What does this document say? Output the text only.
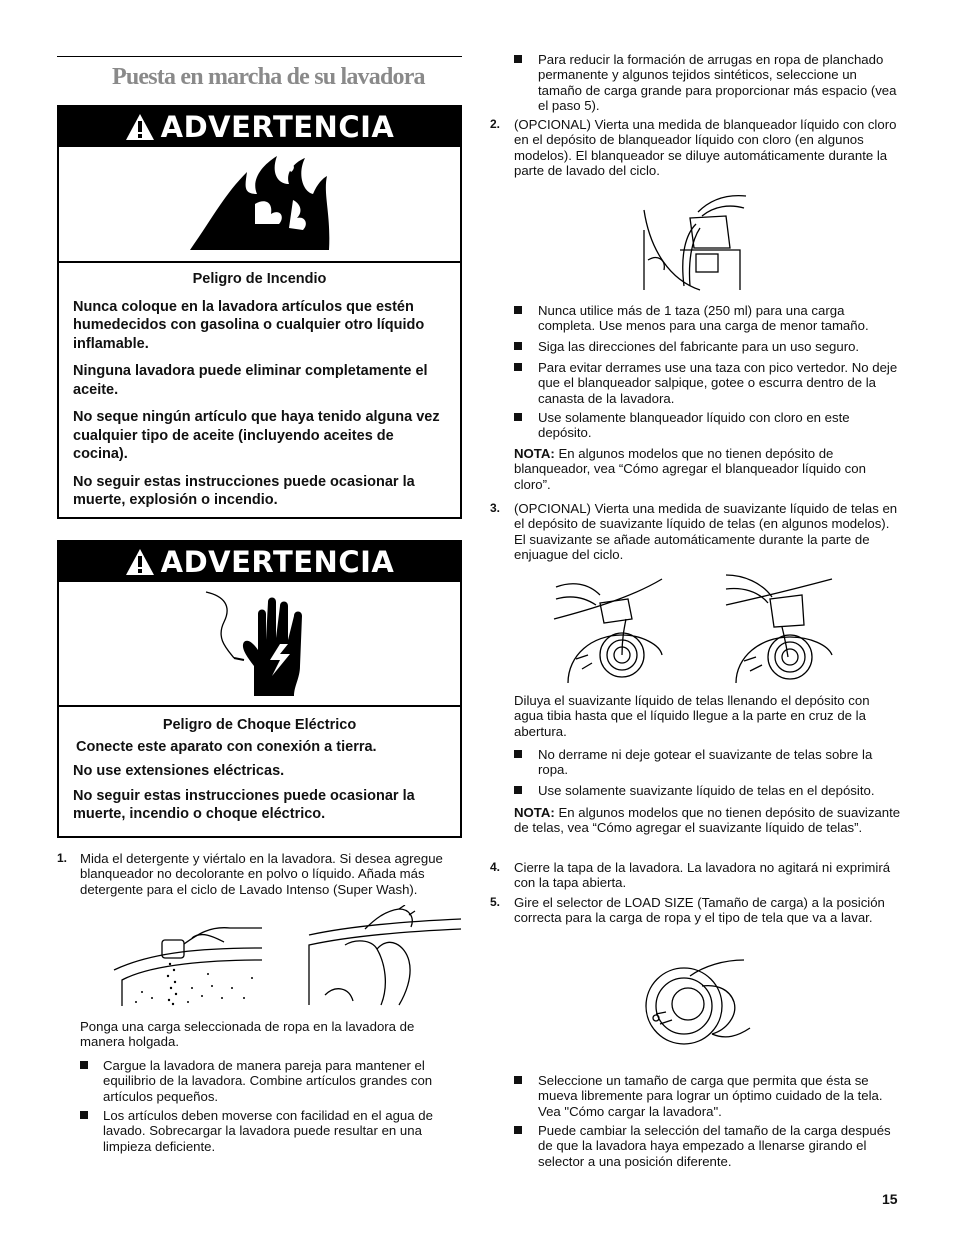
Puesta en marcha de su lavadora
ADVERTENCIA
Peligro de Incendio

Nunca coloque en la lavadora artículos que estén humedecidos con gasolina o cualquier otro líquido inflamable.

Ninguna lavadora puede eliminar completamente el aceite.

No seque ningún artículo que haya tenido alguna vez cualquier tipo de aceite (incluyendo aceites de cocina).

No seguir estas instrucciones puede ocasionar la muerte, explosión o incendio.

ADVERTENCIA
Peligro de Choque Eléctrico

Conecte este aparato con conexión a tierra.

No use extensiones eléctricas.

No seguir estas instrucciones puede ocasionar la muerte, incendio o choque eléctrico.

1. Mida el detergente y viértalo en la lavadora. Si desea agregue blanqueador no decolorante en polvo o líquido. Añada más detergente para el ciclo de Lavado Intenso (Super Wash).
Ponga una carga seleccionada de ropa en la lavadora de manera holgada.
Cargue la lavadora de manera pareja para mantener el equilibrio de la lavadora. Combine artículos grandes con artículos pequeños.
Los artículos deben moverse con facilidad en el agua de lavado. Sobrecargar la lavadora puede resultar en una limpieza deficiente.
Para reducir la formación de arrugas en ropa de planchado permanente y algunos tejidos sintéticos, seleccione un tamaño de carga grande para proporcionar más espacio (vea el paso 5).
2. (OPCIONAL) Vierta una medida de blanqueador líquido con cloro en el depósito de blanqueador líquido con cloro (en algunos modelos). El blanqueador se diluye automáticamente durante la parte de lavado del ciclo.
Nunca utilice más de 1 taza (250 ml) para una carga completa. Use menos para una carga de menor tamaño.
Siga las direcciones del fabricante para un uso seguro.
Para evitar derrames use una taza con pico vertedor. No deje que el blanqueador salpique, gotee o escurra dentro de la canasta de la lavadora.
Use solamente blanqueador líquido con cloro en este depósito.
NOTA: En algunos modelos que no tienen depósito de blanqueador, vea “Cómo agregar el blanqueador líquido con cloro”.
3. (OPCIONAL) Vierta una medida de suavizante líquido de telas en el depósito de suavizante líquido de telas (en algunos modelos). El suavizante se añade automáticamente durante la parte de enjuague del ciclo.
Diluya el suavizante líquido de telas llenando el depósito con agua tibia hasta que el líquido llegue a la parte en cruz de la abertura.
No derrame ni deje gotear el suavizante de telas sobre la ropa.
Use solamente suavizante líquido de telas en el depósito.
NOTA: En algunos modelos que no tienen depósito de suavizante de telas, vea “Cómo agregar el suavizante líquido de telas”.
4. Cierre la tapa de la lavadora. La lavadora no agitará ni exprimirá con la tapa abierta.
5. Gire el selector de LOAD SIZE (Tamaño de carga) a la posición correcta para la carga de ropa y el tipo de tela que va a lavar.
Seleccione un tamaño de carga que permita que ésta se mueva libremente para lograr un óptimo cuidado de la tela. Vea "Cómo cargar la lavadora".
Puede cambiar la selección del tamaño de la carga después de que la lavadora haya empezado a llenarse girando el selector a una posición diferente.
15
